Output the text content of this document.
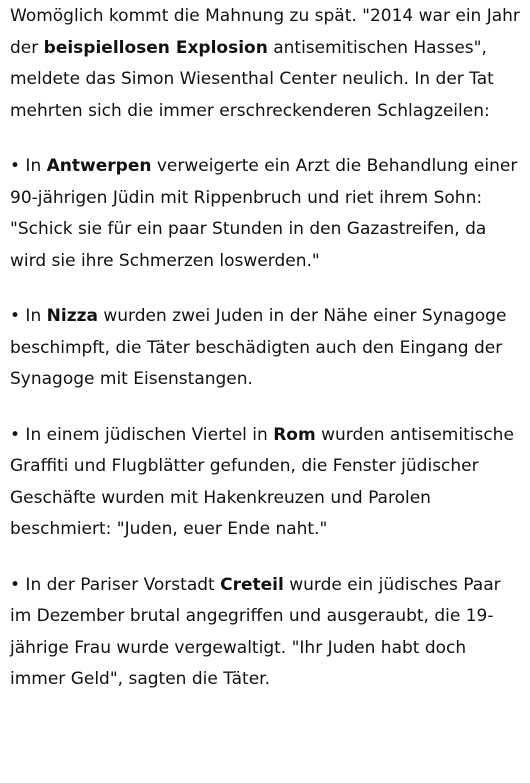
Womöglich kommt die Mahnung zu spät. "2014 war ein Jahr der beispiellosen Explosion antisemitischen Hasses", meldete das Simon Wiesenthal Center neulich. In der Tat mehrten sich die immer erschreckenderen Schlagzeilen:

• In Antwerpen verweigerte ein Arzt die Behandlung einer 90-jährigen Jüdin mit Rippenbruch und riet ihrem Sohn: "Schick sie für ein paar Stunden in den Gazastreifen, da wird sie ihre Schmerzen loswerden."

• In Nizza wurden zwei Juden in der Nähe einer Synagoge beschimpft, die Täter beschädigten auch den Eingang der Synagoge mit Eisenstangen.

• In einem jüdischen Viertel in Rom wurden antisemitische Graffiti und Flugblätter gefunden, die Fenster jüdischer Geschäfte wurden mit Hakenkreuzen und Parolen beschmiert: "Juden, euer Ende naht."

• In der Pariser Vorstadt Creteil wurde ein jüdisches Paar im Dezember brutal angegriffen und ausgeraubt, die 19-jährige Frau wurde vergewaltigt. "Ihr Juden habt doch immer Geld", sagten die Täter.
